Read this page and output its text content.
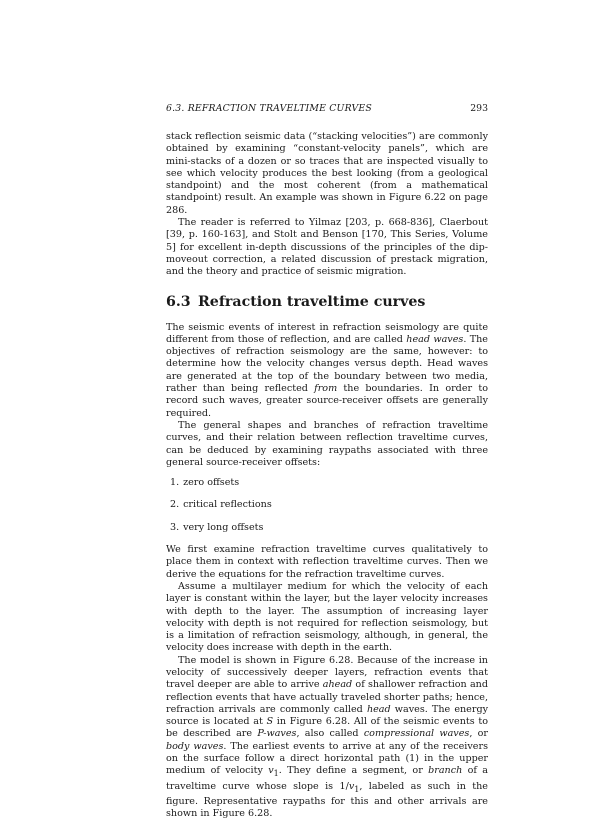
6.3. REFRACTION TRAVELTIME CURVES	293

stack reflection seismic data (“stacking velocities”) are commonly obtained by examining “constant-velocity panels”, which are mini-stacks of a dozen or so traces that are inspected visually to see which velocity produces the best looking (from a geological standpoint) and the most coherent (from a mathematical standpoint) result. An example was shown in Figure 6.22 on page 286.

The reader is referred to Yilmaz [203, p. 668-836], Claerbout [39, p. 160-163], and Stolt and Benson [170, This Series, Volume 5] for excellent in-depth discussions of the principles of the dip-moveout correction, a related discussion of prestack migration, and the theory and practice of seismic migration.

6.3 Refraction traveltime curves

The seismic events of interest in refraction seismology are quite different from those of reflection, and are called head waves. The objectives of refraction seismology are the same, however: to determine how the velocity changes versus depth. Head waves are generated at the top of the boundary between two media, rather than being reflected from the boundaries. In order to record such waves, greater source-receiver offsets are generally required.

The general shapes and branches of refraction traveltime curves, and their relation between reflection traveltime curves, can be deduced by examining raypaths associated with three general source-receiver offsets:

1. zero offsets
2. critical reflections
3. very long offsets

We first examine refraction traveltime curves qualitatively to place them in context with reflection traveltime curves. Then we derive the equations for the refraction traveltime curves.

Assume a multilayer medium for which the velocity of each layer is constant within the layer, but the layer velocity increases with depth to the layer. The assumption of increasing layer velocity with depth is not required for reflection seismology, but is a limitation of refraction seismology, although, in general, the velocity does increase with depth in the earth.

The model is shown in Figure 6.28. Because of the increase in velocity of successively deeper layers, refraction events that travel deeper are able to arrive ahead of shallower refraction and reflection events that have actually traveled shorter paths; hence, refraction arrivals are commonly called head waves. The energy source is located at S in Figure 6.28. All of the seismic events to be described are P-waves, also called compressional waves, or body waves. The earliest events to arrive at any of the receivers on the surface follow a direct horizontal path (1) in the upper medium of velocity $v_1$. They define a segment, or branch of a traveltime curve whose slope is $1/v_1$, labeled as such in the figure. Representative raypaths for this and other arrivals are shown in Figure 6.28.
